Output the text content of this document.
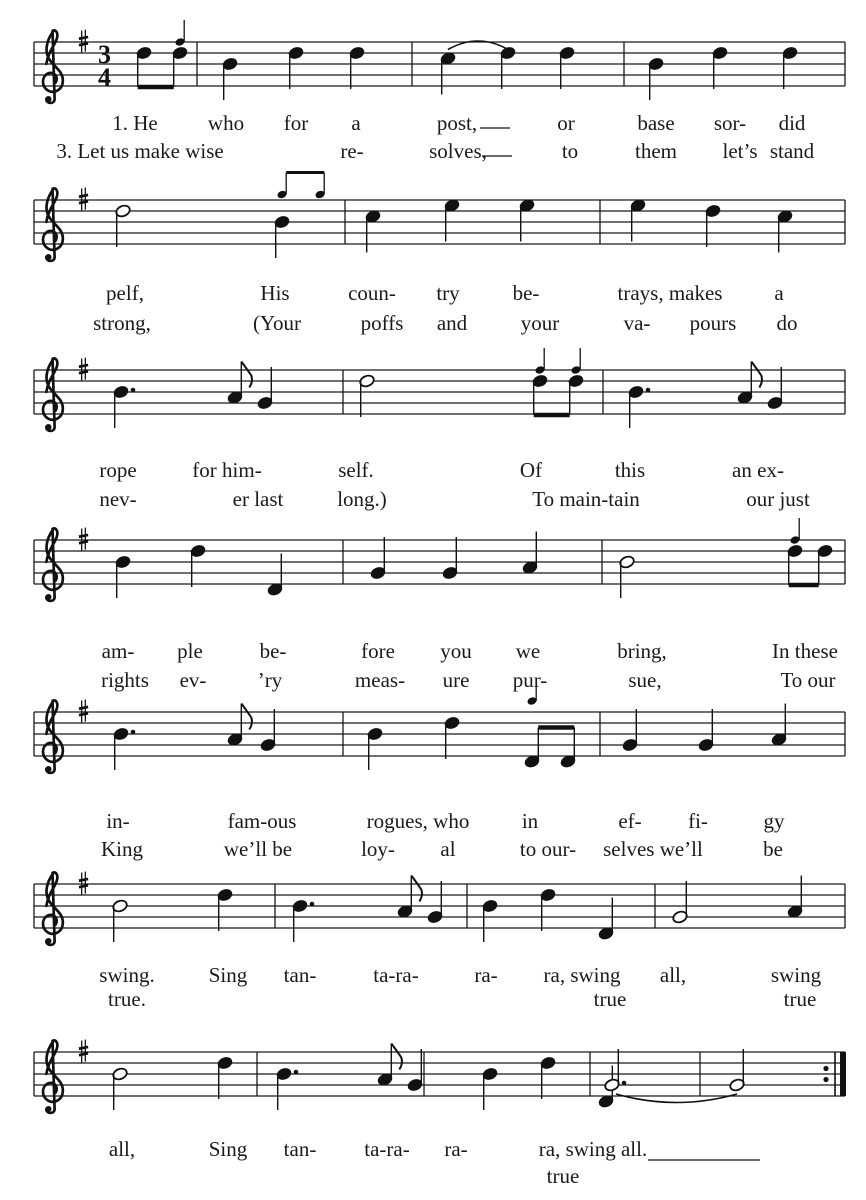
3
4
1. He who for a	post,	or	base sor- did
3. Let us make wise	re-	solves,	to	them let’s stand
pelf,	His	coun- try	be-	trays, makes a
strong,	(Your	poffs and	your	va- pours do
rope	for him-	self.	Of	this	an ex-
nev-	er last	long.)	To main-tain	our just
am- ple	be-	fore you we	bring,	In these
rights ev- ’ry	meas- ure pur-	sue,	To our
in-	fam-ous	rogues, who	in	ef- fi-	gy
King	we’ll be	loy- al	to our- selves we’ll	be
swing.	Sing tan-	ta-ra-	ra- ra, swing all,	swing
true.	true	true
all,	Sing tan- ta-ra- ra-	ra, swing all.
true
